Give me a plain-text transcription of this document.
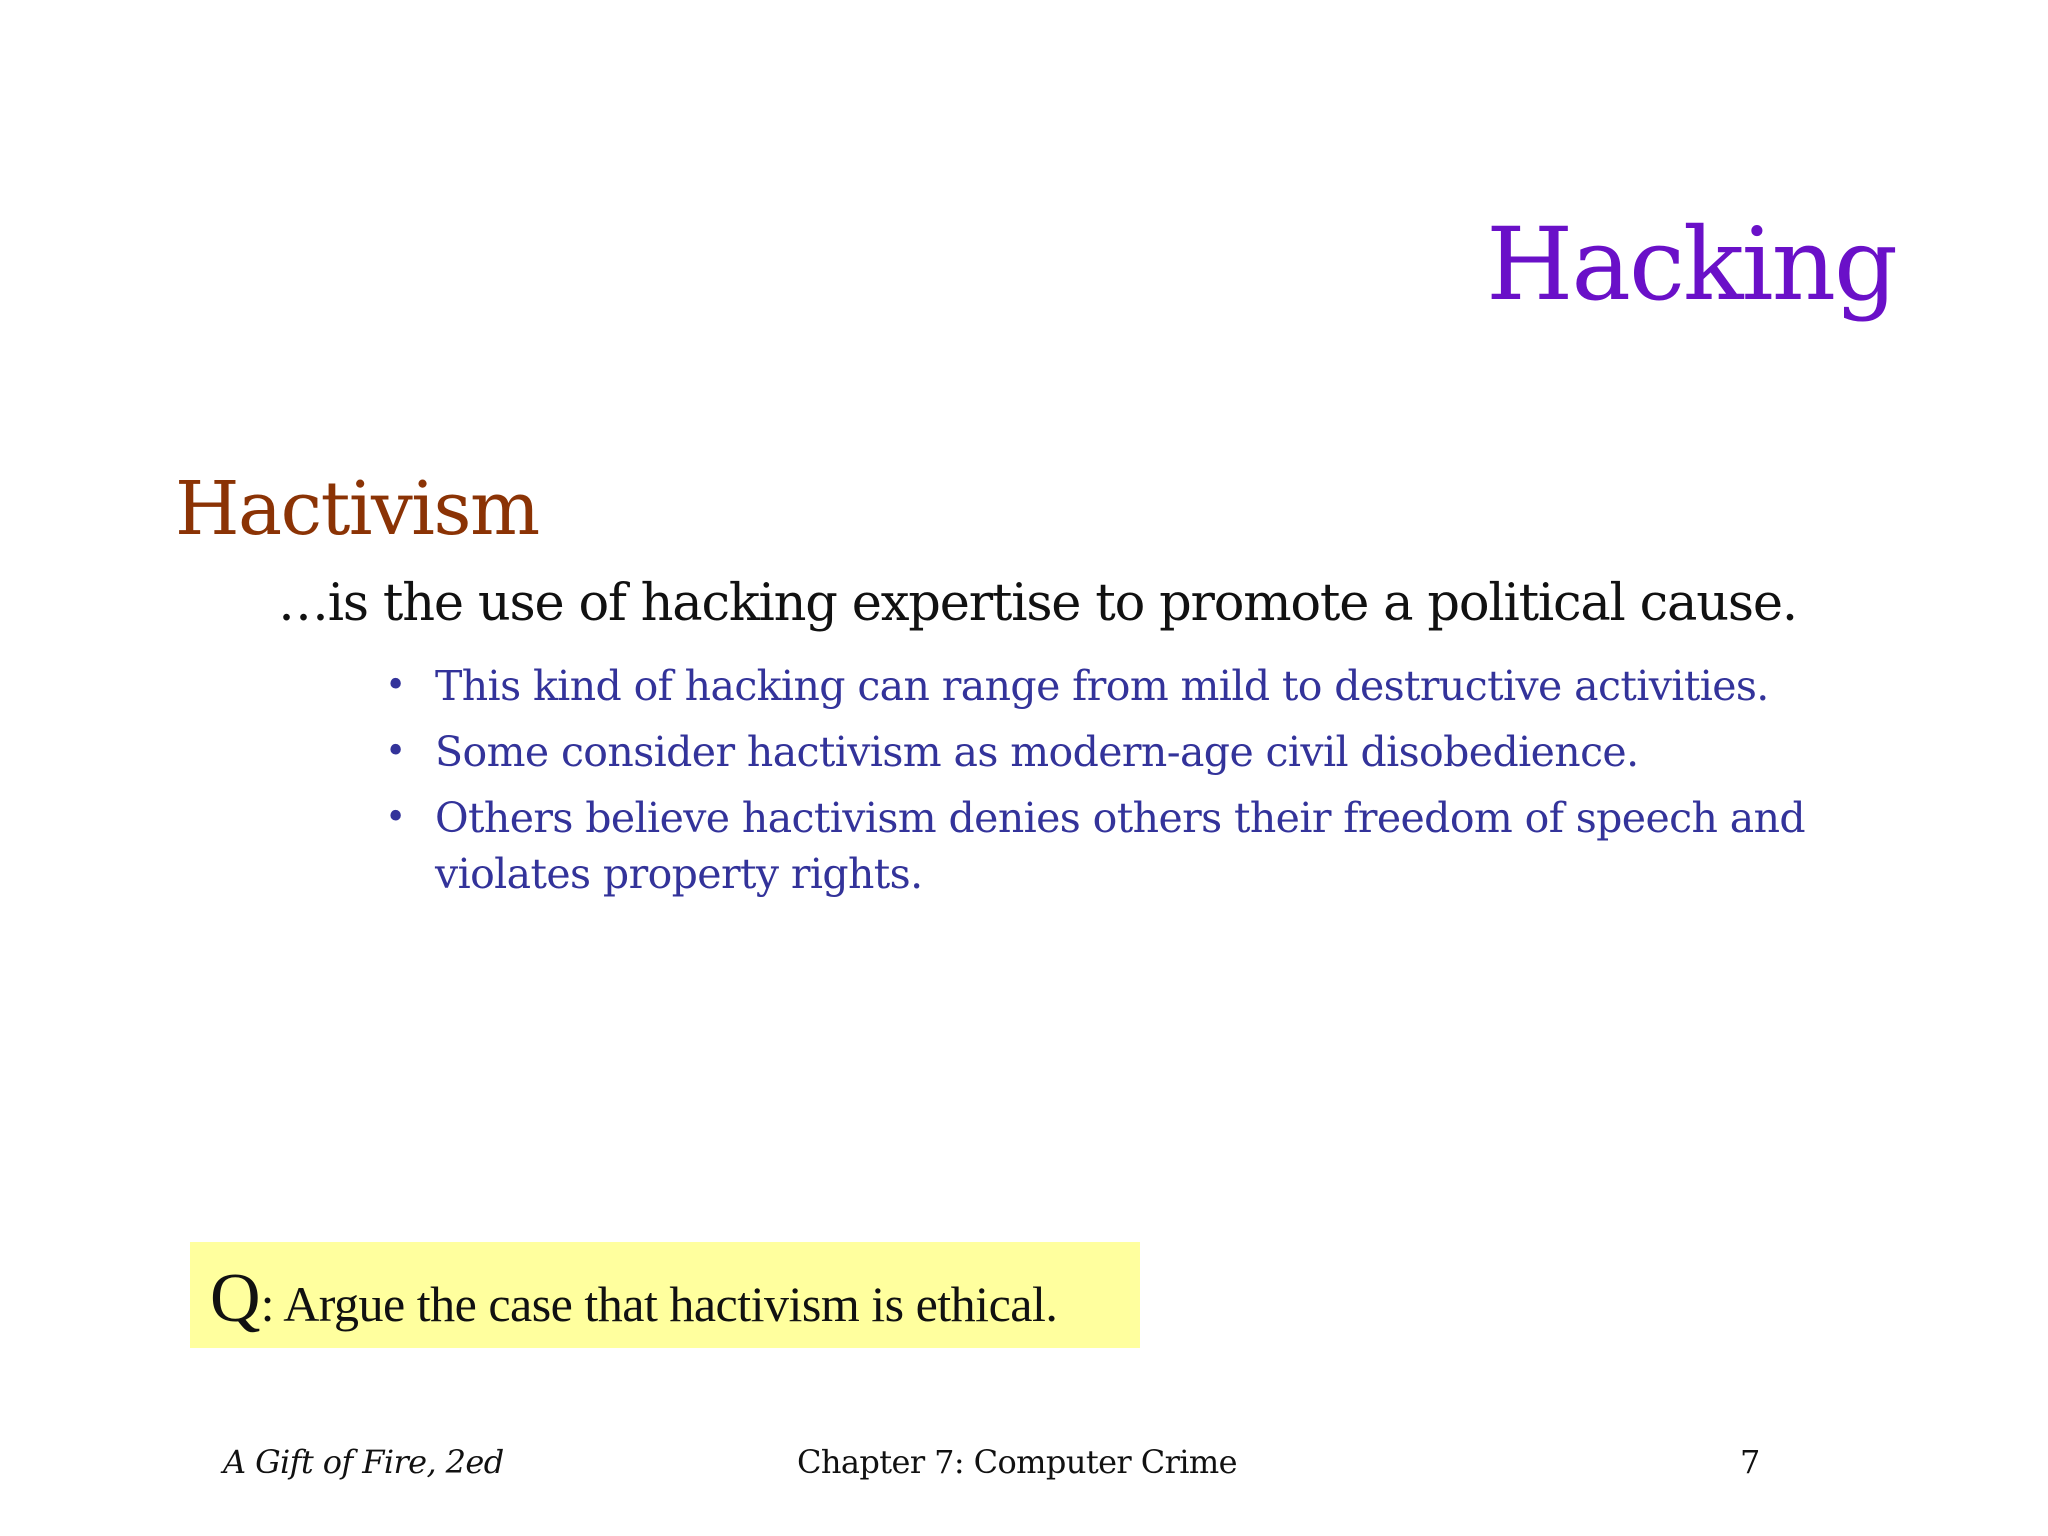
Hacking
Hactivism
…is the use of hacking expertise to promote a political cause.
• This kind of hacking can range from mild to destructive activities.
• Some consider hactivism as modern-age civil disobedience.
• Others believe hactivism denies others their freedom of speech and violates property rights.
Q: Argue the case that hactivism is ethical.
A Gift of Fire, 2ed	Chapter 7: Computer Crime	7
